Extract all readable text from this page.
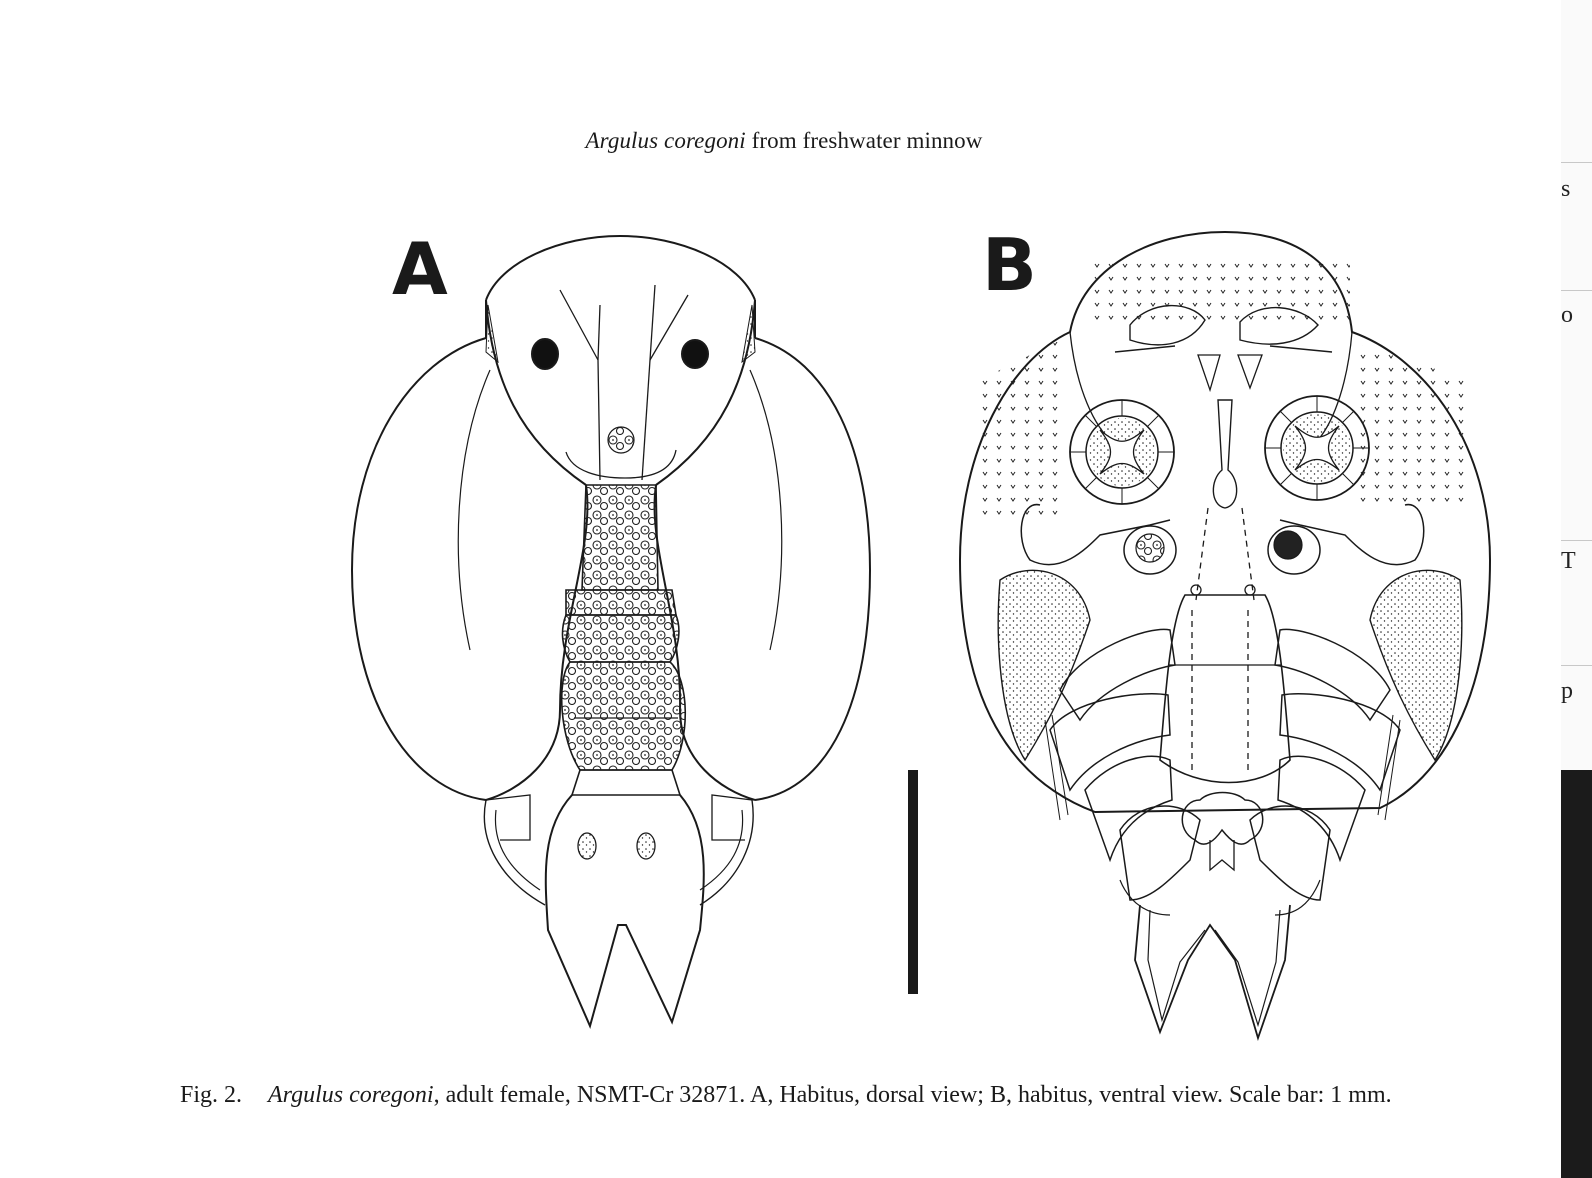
Argulus coregoni from freshwater minnow
A	B
Fig. 2. Argulus coregoni, adult female, NSMT-Cr 32871. A, Habitus, dorsal view; B, habitus, ventral view. Scale bar: 1 mm.
s
o
T
p
